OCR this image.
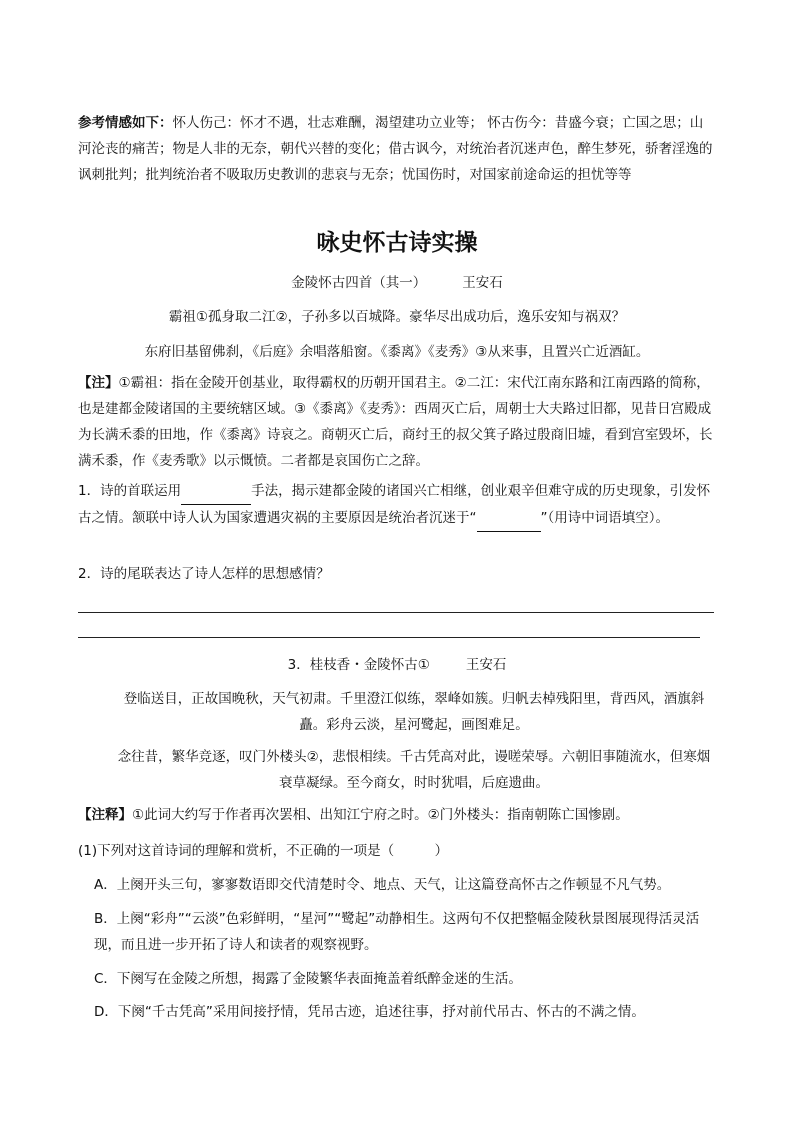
参考情感如下：怀人伤己：怀才不遇，壮志难酬，渴望建功立业等； 怀古伤今：昔盛今衰；亡国之思；山河沦丧的痛苦；物是人非的无奈，朝代兴替的变化；借古讽今，对统治者沉迷声色，醉生梦死，骄奢淫逸的讽刺批判；批判统治者不吸取历史教训的悲哀与无奈；忧国伤时，对国家前途命运的担忧等等

咏史怀古诗实操

金陵怀古四首（其一）	王安石

霸祖①孤身取二江②，子孙多以百城降。豪华尽出成功后，逸乐安知与祸双？

东府旧基留佛刹，《后庭》余唱落船窗。《黍离》《麦秀》③从来事，且置兴亡近酒缸。

【注】①霸祖：指在金陵开创基业，取得霸权的历朝开国君主。②二江：宋代江南东路和江南西路的简称，也是建都金陵诸国的主要统辖区域。③《黍离》《麦秀》：西周灭亡后，周朝士大夫路过旧都，见昔日宫殿成为长满禾黍的田地，作《黍离》诗哀之。商朝灭亡后，商纣王的叔父箕子路过殷商旧墟，看到宫室毁坏，长满禾黍，作《麦秀歌》以示慨愤。二者都是哀国伤亡之辞。

1．诗的首联运用	手法，揭示建都金陵的诸国兴亡相继，创业艰辛但难守成的历史现象，引发怀古之情。颔联中诗人认为国家遭遇灾祸的主要原因是统治者沉迷于“	”（用诗中词语填空）。

2．诗的尾联表达了诗人怎样的思想感情？

3．桂枝香・金陵怀古①	王安石

登临送目，正故国晚秋，天气初肃。千里澄江似练，翠峰如簇。归帆去棹残阳里，背西风，酒旗斜矗。彩舟云淡，星河鹭起，画图难足。

念往昔，繁华竞逐，叹门外楼头②，悲恨相续。千古凭高对此，谩嗟荣辱。六朝旧事随流水，但寒烟衰草凝绿。至今商女，时时犹唱，后庭遗曲。

【注释】①此词大约写于作者再次罢相、出知江宁府之时。②门外楼头：指南朝陈亡国惨剧。

(1)下列对这首诗词的理解和赏析，不正确的一项是（　　　）

A．上阕开头三句，寥寥数语即交代清楚时令、地点、天气，让这篇登高怀古之作顿显不凡气势。

B．上阕“彩舟”“云淡”色彩鲜明，“星河”“鹭起”动静相生。这两句不仅把整幅金陵秋景图展现得活灵活现，而且进一步开拓了诗人和读者的观察视野。

C．下阕写在金陵之所想，揭露了金陵繁华表面掩盖着纸醉金迷的生活。

D．下阕“千古凭高”采用间接抒情，凭吊古迹，追述往事，抒对前代吊古、怀古的不满之情。
